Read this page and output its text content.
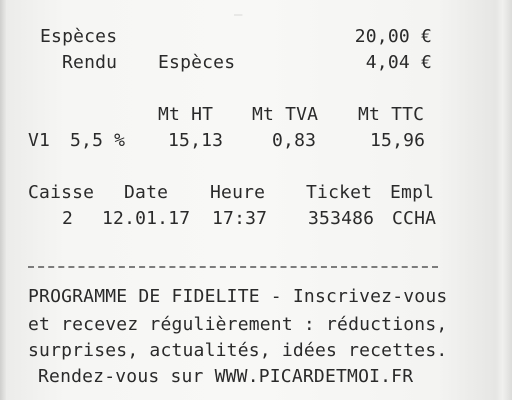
—
Espèces	20,00 €
Rendu Espèces	4,04 €
Mt HT Mt TVA Mt TTC
V1 5,5 % 15,13	0,83	15,96
Caisse Date Heure Ticket Empl
2 12.01.17 17:37 353486 CCHA
PROGRAMME DE FIDELITE - Inscrivez-vous
et recevez régulièrement : réductions,
surprises, actualités, idées recettes.
Rendez-vous sur WWW.PICARDETMOI.FR
